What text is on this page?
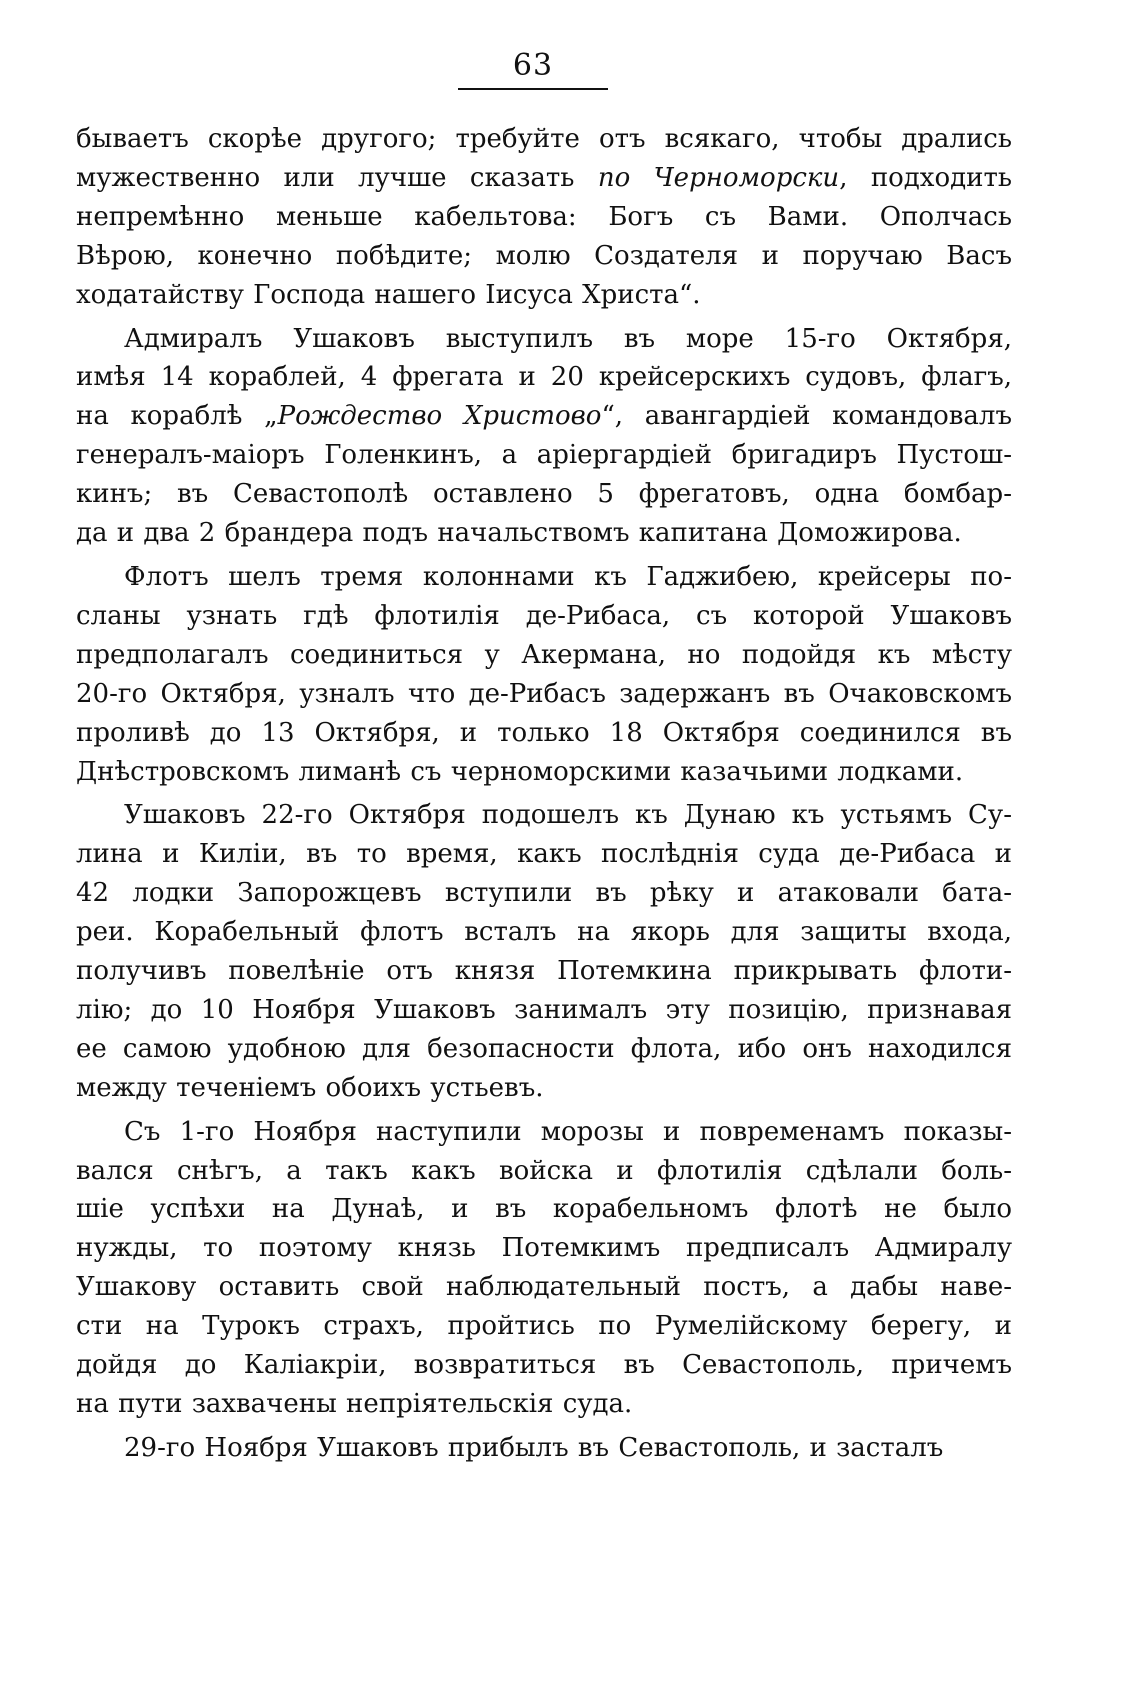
63

бываетъ скорѣе другого; требуйте отъ всякаго, чтобы дрались
мужественно или лучше сказать по Черноморски, подходить
непремѣнно меньше кабельтова: Богъ съ Вами. Ополчась
Вѣрою, конечно побѣдите; молю Создателя и поручаю Васъ
ходатайству Господа нашего Іисуса Христа“.

Адмиралъ Ушаковъ выступилъ въ море 15-го Октября,
имѣя 14 кораблей, 4 фрегата и 20 крейсерскихъ судовъ, флагъ,
на кораблѣ „Рождество Христово“, авангардіей командовалъ
генералъ-маіоръ Голенкинъ, а аріергардіей бригадиръ Пустош-
кинъ; въ Севастополѣ оставлено 5 фрегатовъ, одна бомбар-
да и два 2 брандера подъ начальствомъ капитана Доможирова.

Флотъ шелъ тремя колоннами къ Гаджибею, крейсеры по-
сланы узнать гдѣ флотилія де-Рибаса, съ которой Ушаковъ
предполагалъ соединиться у Акермана, но подойдя къ мѣсту
20-го Октября, узналъ что де-Рибасъ задержанъ въ Очаковскомъ
проливѣ до 13 Октября, и только 18 Октября соединился въ
Днѣстровскомъ лиманѣ съ черноморскими казачьими лодками.

Ушаковъ 22-го Октября подошелъ къ Дунаю къ устьямъ Су-
лина и Киліи, въ то время, какъ послѣднія суда де-Рибаса и
42 лодки Запорожцевъ вступили въ рѣку и атаковали бата-
реи. Корабельный флотъ всталъ на якорь для защиты входа,
получивъ повелѣніе отъ князя Потемкина прикрывать флоти-
лію; до 10 Ноября Ушаковъ занималъ эту позицію, признавая
ее самою удобною для безопасности флота, ибо онъ находился
между теченіемъ обоихъ устьевъ.

Съ 1-го Ноября наступили морозы и повременамъ показы-
вался снѣгъ, а такъ какъ войска и флотилія сдѣлали боль-
шіе успѣхи на Дунаѣ, и въ корабельномъ флотѣ не было
нужды, то поэтому князь Потемкимъ предписалъ Адмиралу
Ушакову оставить свой наблюдательный постъ, а дабы наве-
сти на Турокъ страхъ, пройтись по Румелійскому берегу, и
дойдя до Каліакріи, возвратиться въ Севастополь, причемъ
на пути захвачены непріятельскія суда.

29-го Ноября Ушаковъ прибылъ въ Севастополь, и засталъ
